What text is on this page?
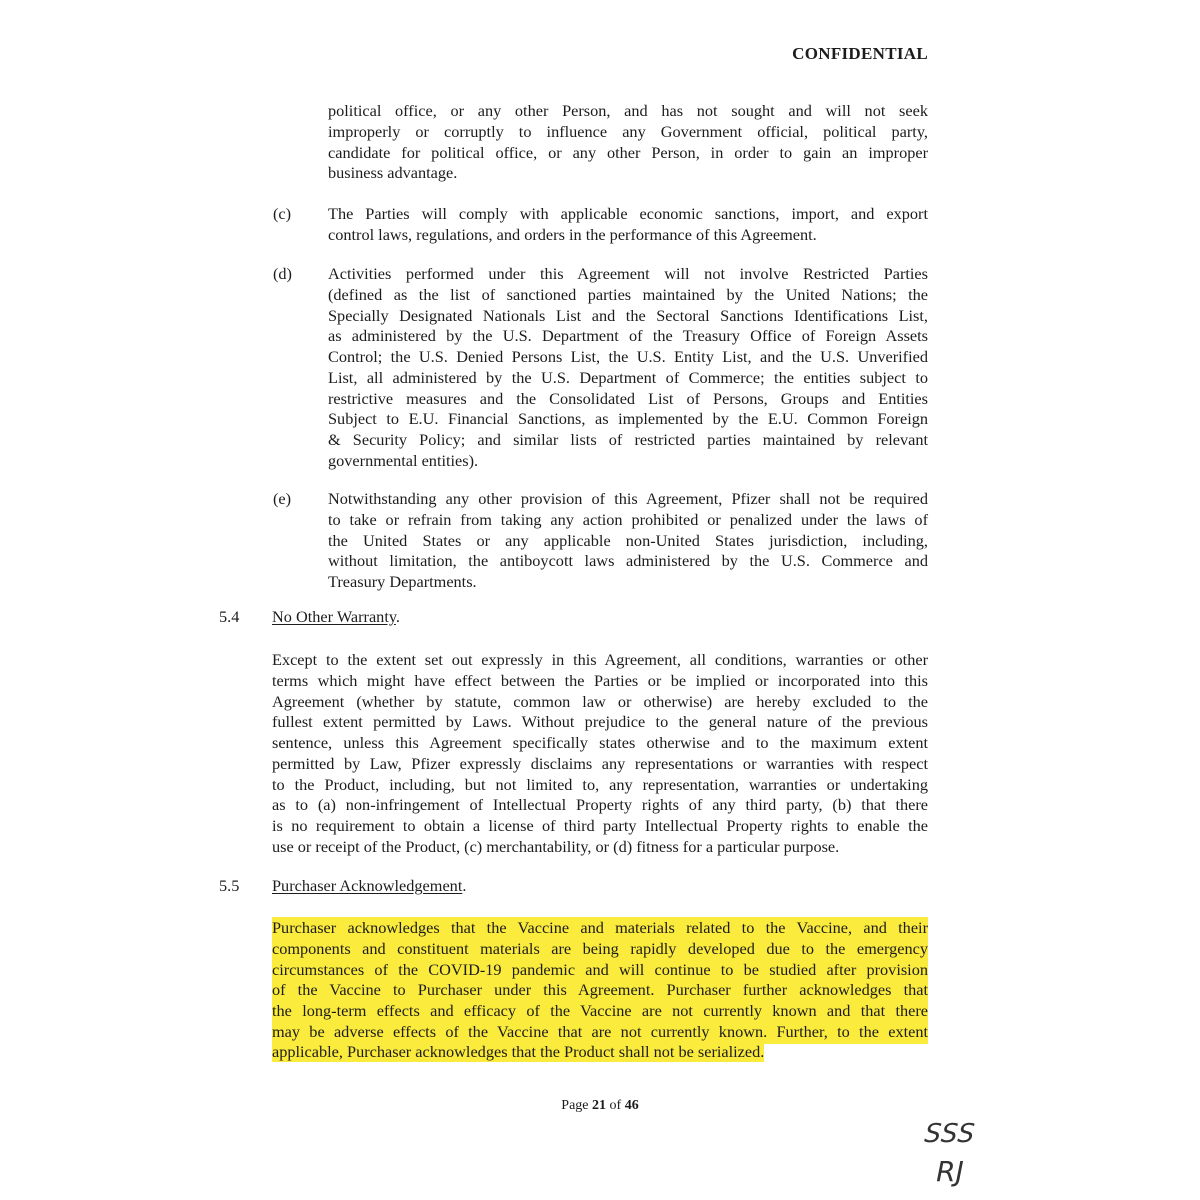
CONFIDENTIAL
political office, or any other Person, and has not sought and will not seek
improperly or corruptly to influence any Government official, political party,
candidate for political office, or any other Person, in order to gain an improper
business advantage.
(c) The Parties will comply with applicable economic sanctions, import, and export
control laws, regulations, and orders in the performance of this Agreement.
(d) Activities performed under this Agreement will not involve Restricted Parties
(defined as the list of sanctioned parties maintained by the United Nations; the
Specially Designated Nationals List and the Sectoral Sanctions Identifications List,
as administered by the U.S. Department of the Treasury Office of Foreign Assets
Control; the U.S. Denied Persons List, the U.S. Entity List, and the U.S. Unverified
List, all administered by the U.S. Department of Commerce; the entities subject to
restrictive measures and the Consolidated List of Persons, Groups and Entities
Subject to E.U. Financial Sanctions, as implemented by the E.U. Common Foreign
& Security Policy; and similar lists of restricted parties maintained by relevant
governmental entities).
(e) Notwithstanding any other provision of this Agreement, Pfizer shall not be required
to take or refrain from taking any action prohibited or penalized under the laws of
the United States or any applicable non-United States jurisdiction, including,
without limitation, the antiboycott laws administered by the U.S. Commerce and
Treasury Departments.
5.4 No Other Warranty.
Except to the extent set out expressly in this Agreement, all conditions, warranties or other
terms which might have effect between the Parties or be implied or incorporated into this
Agreement (whether by statute, common law or otherwise) are hereby excluded to the
fullest extent permitted by Laws. Without prejudice to the general nature of the previous
sentence, unless this Agreement specifically states otherwise and to the maximum extent
permitted by Law, Pfizer expressly disclaims any representations or warranties with respect
to the Product, including, but not limited to, any representation, warranties or undertaking
as to (a) non-infringement of Intellectual Property rights of any third party, (b) that there
is no requirement to obtain a license of third party Intellectual Property rights to enable the
use or receipt of the Product, (c) merchantability, or (d) fitness for a particular purpose.
5.5 Purchaser Acknowledgement.
Purchaser acknowledges that the Vaccine and materials related to the Vaccine, and their
components and constituent materials are being rapidly developed due to the emergency
circumstances of the COVID-19 pandemic and will continue to be studied after provision
of the Vaccine to Purchaser under this Agreement. Purchaser further acknowledges that
the long-term effects and efficacy of the Vaccine are not currently known and that there
may be adverse effects of the Vaccine that are not currently known. Further, to the extent
applicable, Purchaser acknowledges that the Product shall not be serialized.
Page 21 of 46
SSS
RJ
